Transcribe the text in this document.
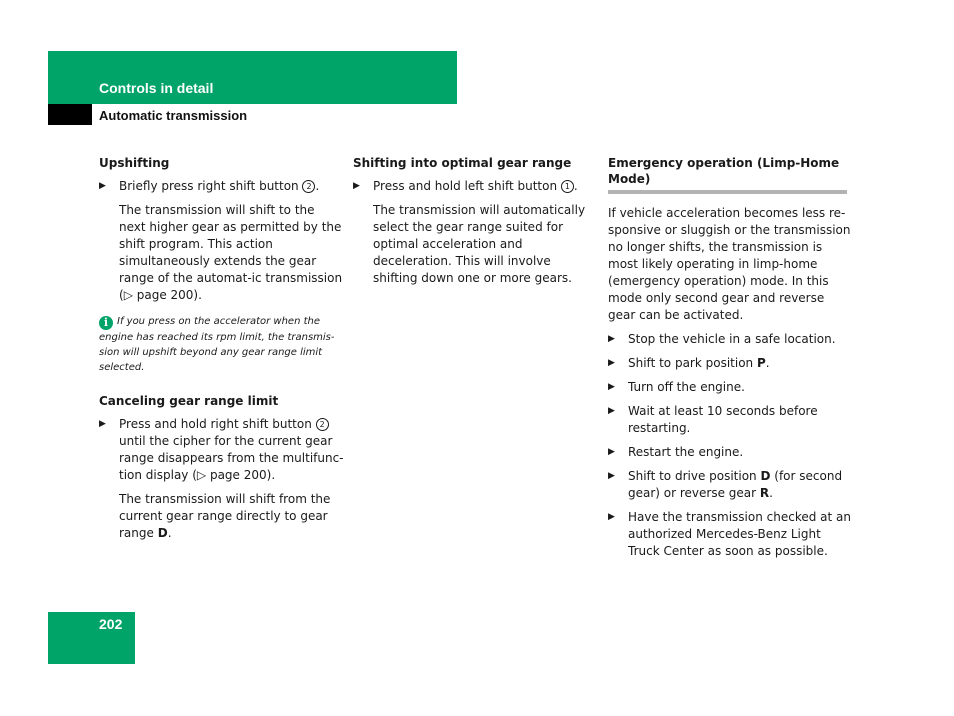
Controls in detail
Automatic transmission
Upshifting
▶ Briefly press right shift button 2 .
The transmission will shift to the next higher gear as permitted by the shift program. This action simultaneously extends the gear range of the automat-ic transmission (▷ page 200).
i If you press on the accelerator when the engine has reached its rpm limit, the transmis-sion will upshift beyond any gear range limit selected.
Canceling gear range limit
▶ Press and hold right shift button 2 until the cipher for the current gear range disappears from the multifunc-tion display (▷ page 200).
The transmission will shift from the current gear range directly to gear range D.
Shifting into optimal gear range
▶ Press and hold left shift button 1 .
The transmission will automatically select the gear range suited for optimal acceleration and deceleration. This will involve shifting down one or more gears.
Emergency operation (Limp-Home Mode)
If vehicle acceleration becomes less re-sponsive or sluggish or the transmission no longer shifts, the transmission is most likely operating in limp-home (emergency operation) mode. In this mode only second gear and reverse gear can be activated.
▶ Stop the vehicle in a safe location.
▶ Shift to park position P.
▶ Turn off the engine.
▶ Wait at least 10 seconds before restarting.
▶ Restart the engine.
▶ Shift to drive position D (for second gear) or reverse gear R.
▶ Have the transmission checked at an authorized Mercedes-Benz Light Truck Center as soon as possible.
202
